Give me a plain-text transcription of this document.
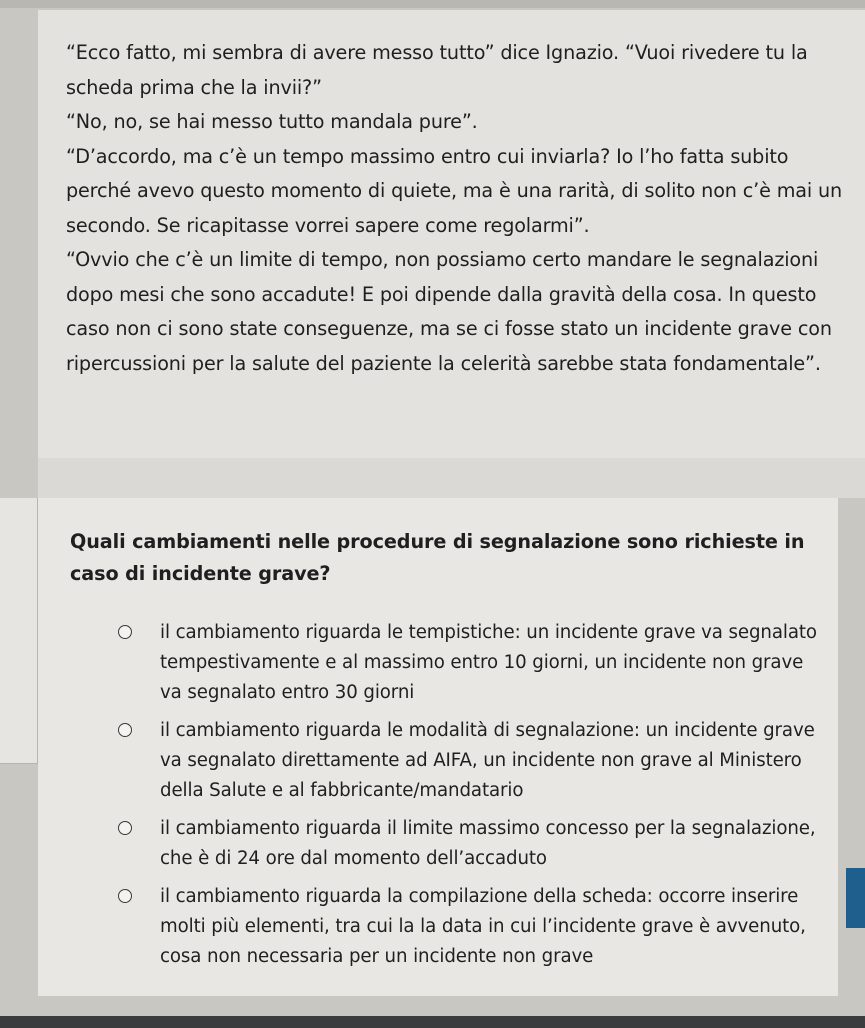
“Ecco fatto, mi sembra di avere messo tutto” dice Ignazio. “Vuoi rivedere tu la scheda prima che la invii?”

“No, no, se hai messo tutto mandala pure”.

“D’accordo, ma c’è un tempo massimo entro cui inviarla? Io l’ho fatta subito perché avevo questo momento di quiete, ma è una rarità, di solito non c’è mai un secondo. Se ricapitasse vorrei sapere come regolarmi”.

“Ovvio che c’è un limite di tempo, non possiamo certo mandare le segnalazioni dopo mesi che sono accadute! E poi dipende dalla gravità della cosa. In questo caso non ci sono state conseguenze, ma se ci fosse stato un incidente grave con ripercussioni per la salute del paziente la celerità sarebbe stata fondamentale”.

Quali cambiamenti nelle procedure di segnalazione sono richieste in caso di incidente grave?

il cambiamento riguarda le tempistiche: un incidente grave va segnalato tempestivamente e al massimo entro 10 giorni, un incidente non grave va segnalato entro 30 giorni
il cambiamento riguarda le modalità di segnalazione: un incidente grave va segnalato direttamente ad AIFA, un incidente non grave al Ministero della Salute e al fabbricante/mandatario
il cambiamento riguarda il limite massimo concesso per la segnalazione, che è di 24 ore dal momento dell’accaduto
il cambiamento riguarda la compilazione della scheda: occorre inserire molti più elementi, tra cui la la data in cui l’incidente grave è avvenuto, cosa non necessaria per un incidente non grave
